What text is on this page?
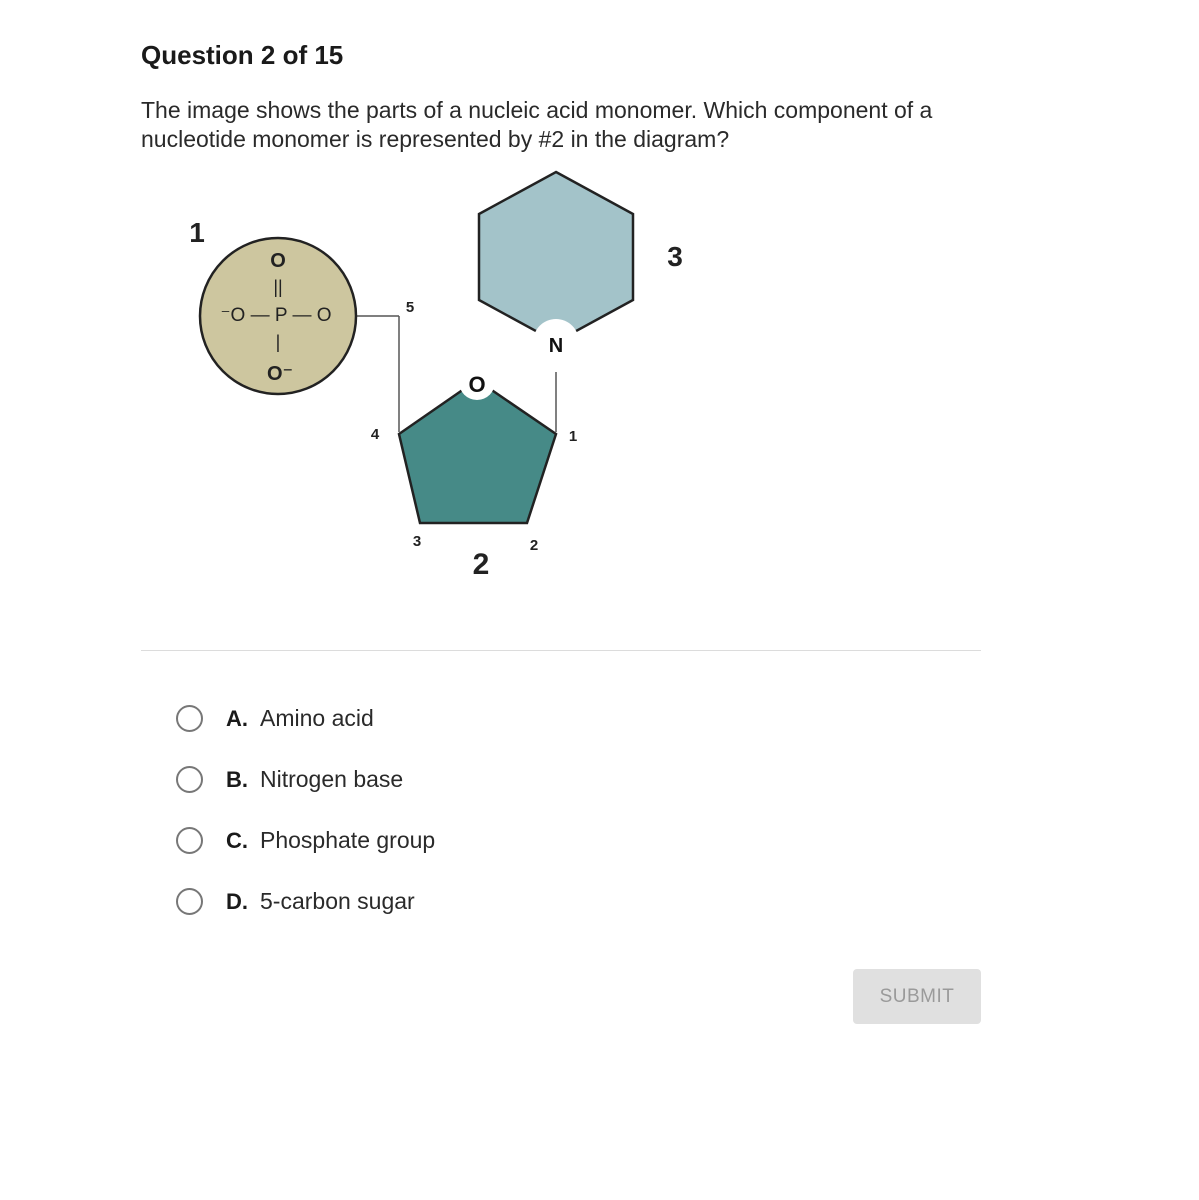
Question 2 of 15
The image shows the parts of a nucleic acid monomer. Which component of a nucleotide monomer is represented by #2 in the diagram?
N
O
||
⁻O — P — O
|
O⁻	O
5
4	1
3	2
1
2
3
A. Amino acid
B. Nitrogen base
C. Phosphate group
D. 5-carbon sugar
SUBMIT
